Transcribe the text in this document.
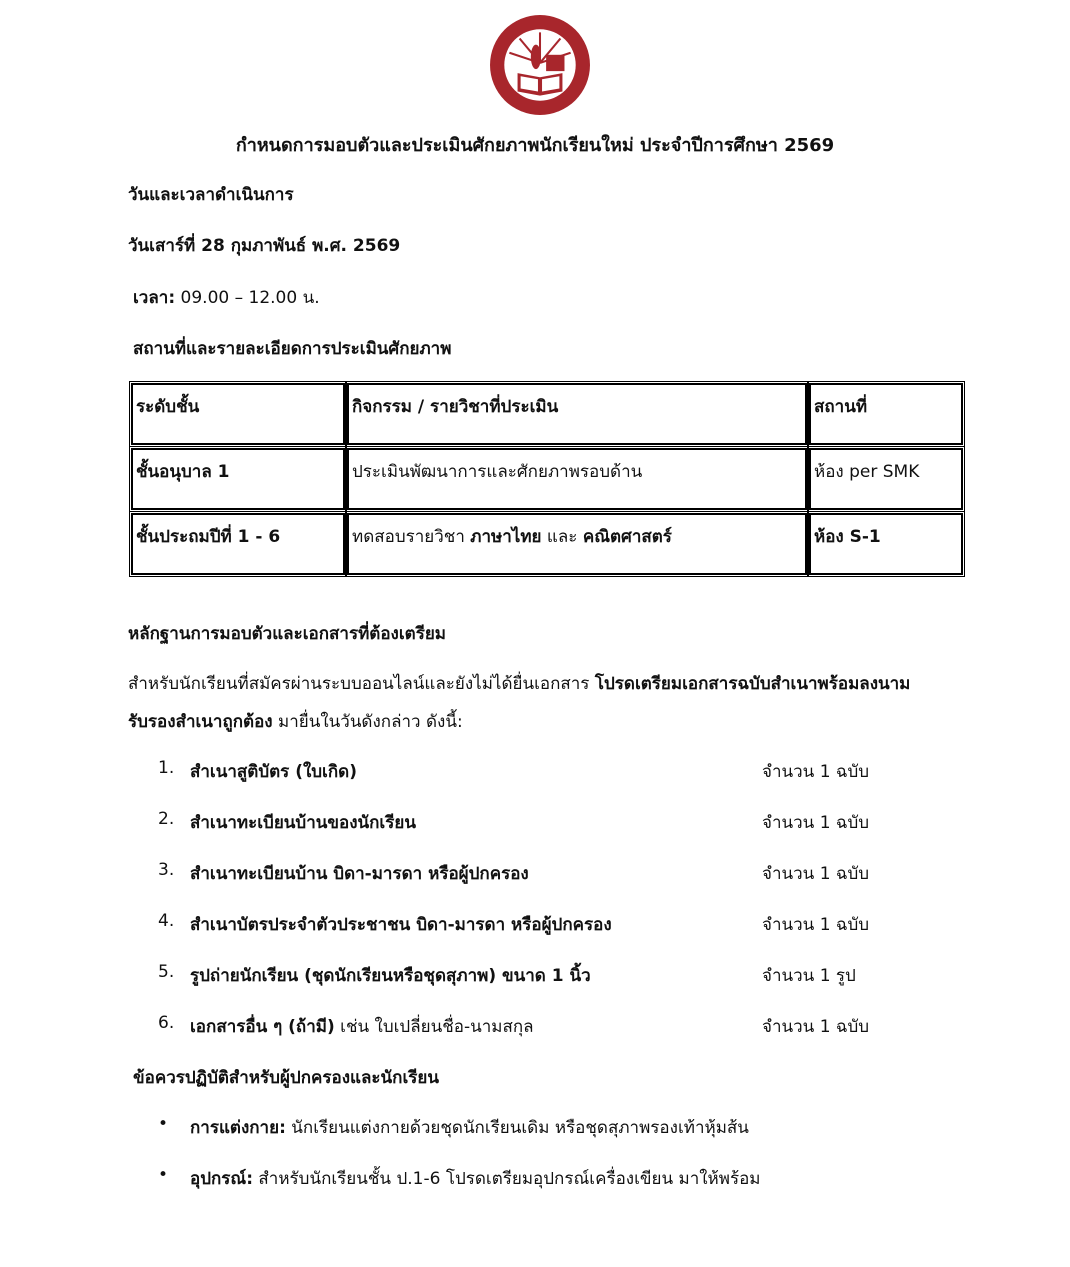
กำหนดการมอบตัวและประเมินศักยภาพนักเรียนใหม่ ประจำปีการศึกษา 2569
วันและเวลาดำเนินการ
วันเสาร์ที่ 28 กุมภาพันธ์ พ.ศ. 2569
เวลา: 09.00 – 12.00 น.
สถานที่และรายละเอียดการประเมินศักยภาพ
ระดับชั้น	กิจกรรม / รายวิชาที่ประเมิน	สถานที่
ชั้นอนุบาล 1	ประเมินพัฒนาการและศักยภาพรอบด้าน	ห้อง per SMK
ชั้นประถมปีที่ 1 - 6	ทดสอบรายวิชา ภาษาไทย และ คณิตศาสตร์	ห้อง S-1
หลักฐานการมอบตัวและเอกสารที่ต้องเตรียม
สำหรับนักเรียนที่สมัครผ่านระบบออนไลน์และยังไม่ได้ยื่นเอกสาร โปรดเตรียมเอกสารฉบับสำเนาพร้อมลงนาม
รับรองสำเนาถูกต้อง มายื่นในวันดังกล่าว ดังนี้:
1. สำเนาสูติบัตร (ใบเกิด)	จำนวน 1 ฉบับ
2. สำเนาทะเบียนบ้านของนักเรียน	จำนวน 1 ฉบับ
3. สำเนาทะเบียนบ้าน บิดา-มารดา หรือผู้ปกครอง	จำนวน 1 ฉบับ
4. สำเนาบัตรประจำตัวประชาชน บิดา-มารดา หรือผู้ปกครอง	จำนวน 1 ฉบับ
5. รูปถ่ายนักเรียน (ชุดนักเรียนหรือชุดสุภาพ) ขนาด 1 นิ้ว	จำนวน 1 รูป
6. เอกสารอื่น ๆ (ถ้ามี) เช่น ใบเปลี่ยนชื่อ-นามสกุล	จำนวน 1 ฉบับ
ข้อควรปฏิบัติสำหรับผู้ปกครองและนักเรียน
• การแต่งกาย: นักเรียนแต่งกายด้วยชุดนักเรียนเดิม หรือชุดสุภาพรองเท้าหุ้มส้น
• อุปกรณ์: สำหรับนักเรียนชั้น ป.1-6 โปรดเตรียมอุปกรณ์เครื่องเขียน มาให้พร้อม
